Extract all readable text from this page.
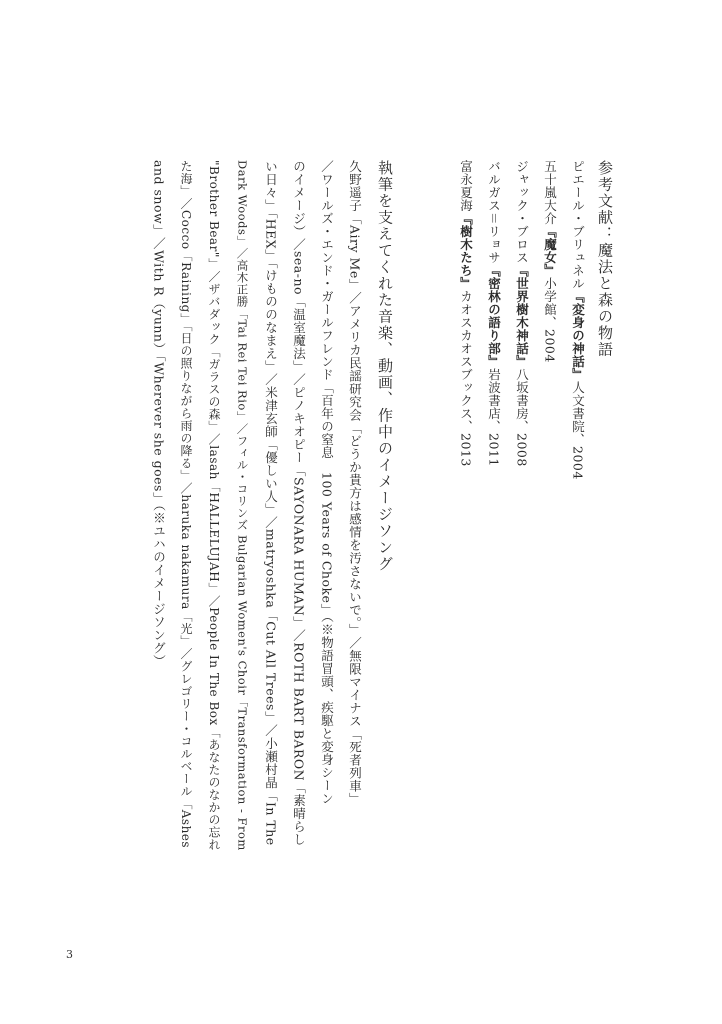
参考文献：魔法と森の物語
ピエール・ブリュネル『変身の神話』人文書院、2004
五十嵐大介『魔女』小学館、2004
ジャック・ブロス『世界樹木神話』八坂書房、2008
バルガス＝リョサ『密林の語り部』岩波書店、2011
富永夏海『樹木たち』カオスカオスブックス、2013
執筆を支えてくれた音楽、動画、作中のイメージソング
久野遥子「Airy Me」／アメリカ民謡研究会「どうか貴方は感情を汚さないで。」／無限マイナス「死者列車」
／ワールズ・エンド・ガールフレンド「百年の窒息　100 Years of Choke」（※物語冒頭、疾駆と変身シーン
のイメージ）／sea-no「温室魔法」／ピノキオピー「SAYONARA HUMAN」／ROTH BART BARON「素晴らし
い日々」「HEX」「けもののなまえ」／米津玄師「優しい人」／matryoshka「Cut All Trees」／小瀬村晶「In The
Dark Woods」／高木正勝「Tai Rei Tei Rio」／フィル・コリンズ Bulgarian Women's Choir「Transformation - From
"Brother Bear"」／ザバダック「ガラスの森」／lasah「HALLELUJAH」／People In The Box「あなたのなかの忘れ
た海」／Cocco「Raining」「日の照りながら雨の降る」／haruka nakamura「光」／グレゴリー・コルベール「Ashes
and snow」／With R（yunn）「Wherever she goes」（※ユハのイメージソング）
3
